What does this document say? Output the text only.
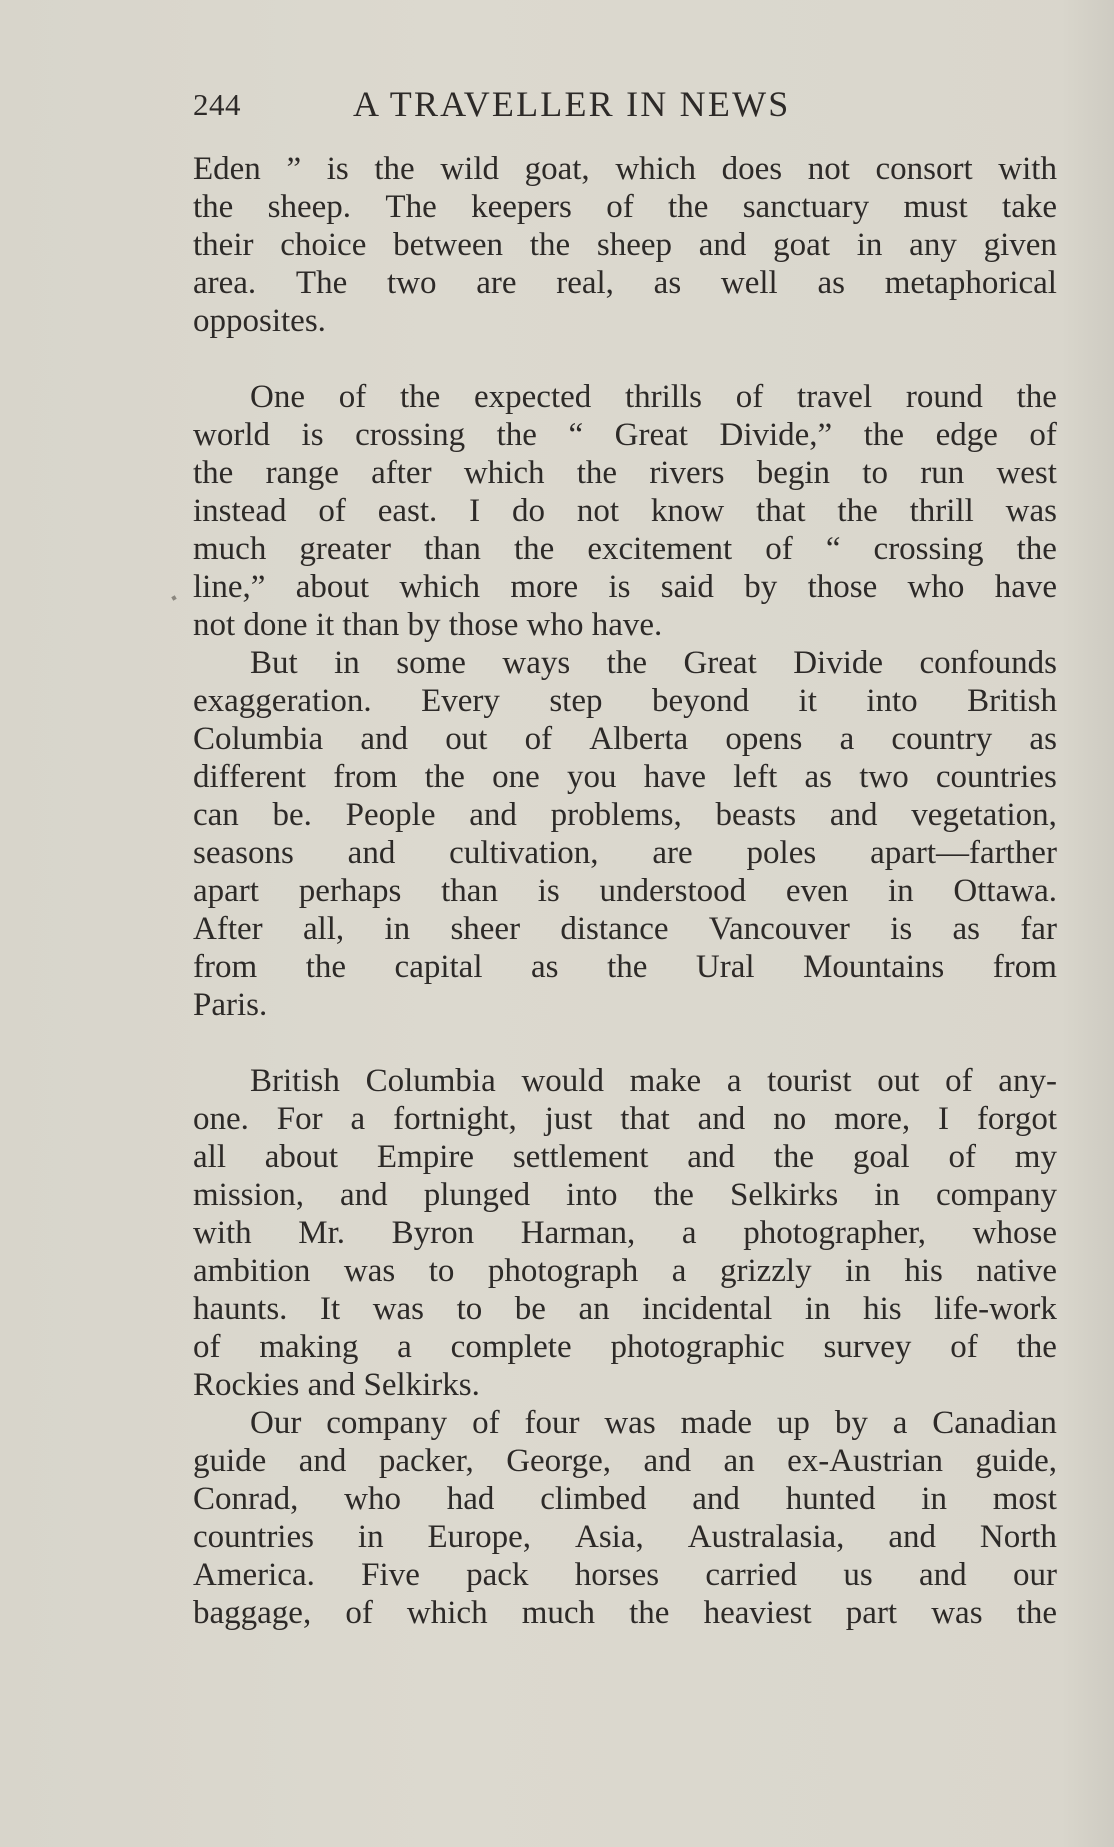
244	A TRAVELLER IN NEWS
Eden ” is the wild goat, which does not consort with
the sheep. The keepers of the sanctuary must take
their choice between the sheep and goat in any given
area. The two are real, as well as metaphorical
opposites.
One of the expected thrills of travel round the
world is crossing the “ Great Divide,” the edge of
the range after which the rivers begin to run west
instead of east. I do not know that the thrill was
much greater than the excitement of “ crossing the
line,” about which more is said by those who have
not done it than by those who have.
But in some ways the Great Divide confounds
exaggeration. Every step beyond it into British
Columbia and out of Alberta opens a country as
different from the one you have left as two countries
can be. People and problems, beasts and vegetation,
seasons and cultivation, are poles apart—farther
apart perhaps than is understood even in Ottawa.
After all, in sheer distance Vancouver is as far
from the capital as the Ural Mountains from
Paris.
British Columbia would make a tourist out of any-
one. For a fortnight, just that and no more, I forgot
all about Empire settlement and the goal of my
mission, and plunged into the Selkirks in company
with Mr. Byron Harman, a photographer, whose
ambition was to photograph a grizzly in his native
haunts. It was to be an incidental in his life-work
of making a complete photographic survey of the
Rockies and Selkirks.
Our company of four was made up by a Canadian
guide and packer, George, and an ex-Austrian guide,
Conrad, who had climbed and hunted in most
countries in Europe, Asia, Australasia, and North
America. Five pack horses carried us and our
baggage, of which much the heaviest part was the
